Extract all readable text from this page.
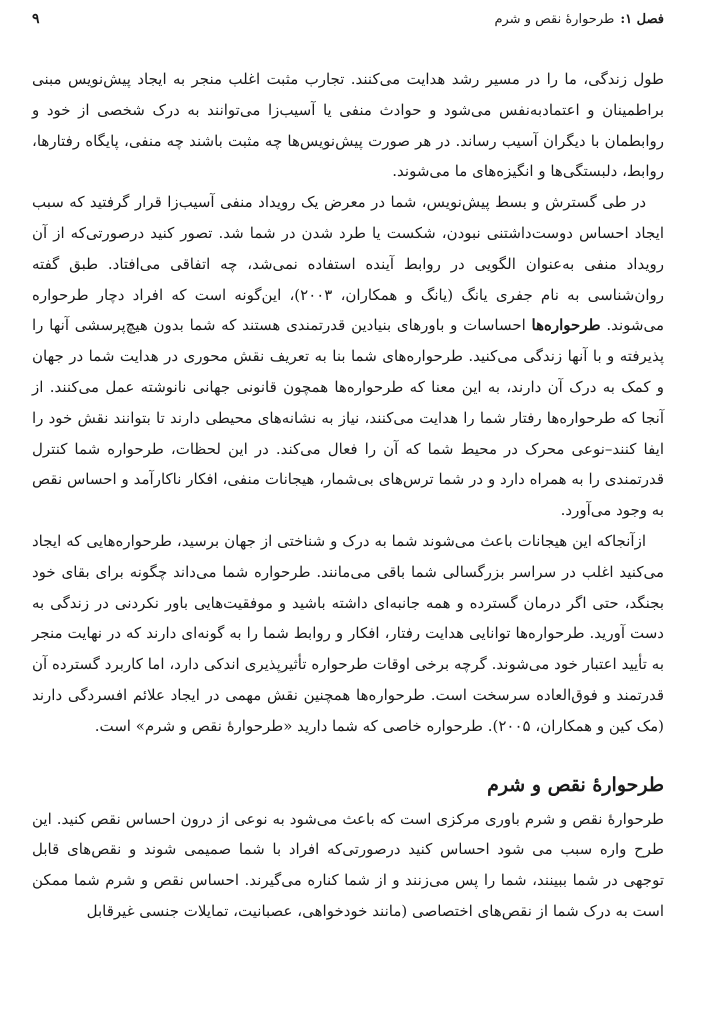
فصل ۱:
طرحوارهٔ نقص و شرم
۹

طول زندگی، ما را در مسیر رشد هدایت می‌کنند. تجارب مثبت اغلب منجر به ایجاد پیش‌نویس مبنی براطمینان و اعتمادبه‌نفس می‌شود و حوادث منفی یا آسیب‌زا می‌توانند به درک شخصی از خود و روابطمان با دیگران آسیب رساند. در هر صورت پیش‌نویس‌ها چه مثبت باشند چه منفی، پایگاه رفتارها، روابط، دلبستگی‌ها و انگیزه‌های ما می‌شوند.

در طی گسترش و بسط پیش‌نویس، شما در معرض یک رویداد منفی آسیب‌زا قرار گرفتید که سبب ایجاد احساس دوست‌داشتنی نبودن، شکست یا طرد شدن در شما شد. تصور کنید درصورتی‌که از آن رویداد منفی به‌عنوان الگویی در روابط آینده استفاده نمی‌شد، چه اتفاقی می‌افتاد. طبق گفته روان‌شناسی به نام جفری یانگ (یانگ و همکاران، ۲۰۰۳)، این‌گونه است که افراد دچار طرحواره می‌شوند. طرحواره‌ها احساسات و باورهای بنیادین قدرتمندی هستند که شما بدون هیچ‌پرسشی آنها را پذیرفته و با آنها زندگی می‌کنید. طرحواره‌های شما بنا به تعریف نقش محوری در هدایت شما در جهان و کمک به درک آن دارند، به این معنا که طرحواره‌ها همچون قانونی جهانی نانوشته عمل می‌کنند. از آنجا که طرحواره‌ها رفتار شما را هدایت می‌کنند، نیاز به نشانه‌های محیطی دارند تا بتوانند نقش خود را ایفا کنند–نوعی محرک در محیط شما که آن را فعال می‌کند. در این لحظات، طرحواره شما کنترل قدرتمندی را به همراه دارد و در شما ترس‌های بی‌شمار، هیجانات منفی، افکار ناکارآمد و احساس نقص به وجود می‌آورد.

ازآنجاکه این هیجانات باعث می‌شوند شما به درک و شناختی از جهان برسید، طرحواره‌هایی که ایجاد می‌کنید اغلب در سراسر بزرگسالی شما باقی می‌مانند. طرحواره شما می‌داند چگونه برای بقای خود بجنگد، حتی اگر درمان گسترده و همه جانبه‌ای داشته باشید و موفقیت‌هایی باور نکردنی در زندگی به دست آورید. طرحواره‌ها توانایی هدایت رفتار، افکار و روابط شما را به گونه‌ای دارند که در نهایت منجر به تأیید اعتبار خود می‌شوند. گرچه برخی اوقات طرحواره تأثیرپذیری اندکی دارد، اما کاربرد گسترده آن قدرتمند و فوق‌العاده سرسخت است. طرحواره‌ها همچنین نقش مهمی در ایجاد علائم افسردگی دارند (مک کین و همکاران، ۲۰۰۵). طرحواره خاصی که شما دارید «طرحوارهٔ نقص و شرم» است.

طرحوارهٔ نقص و شرم

طرحوارهٔ نقص و شرم باوری مرکزی است که باعث می‌شود به نوعی از درون احساس نقص کنید. این طرح واره سبب می شود احساس کنید درصورتی‌که افراد با شما صمیمی شوند و نقص‌های قابل توجهی در شما ببینند، شما را پس می‌زنند و از شما کناره می‌گیرند. احساس نقص و شرم شما ممکن است به درک شما از نقص‌های اختصاصی (مانند خودخواهی، عصبانیت، تمایلات جنسی غیرقابل
